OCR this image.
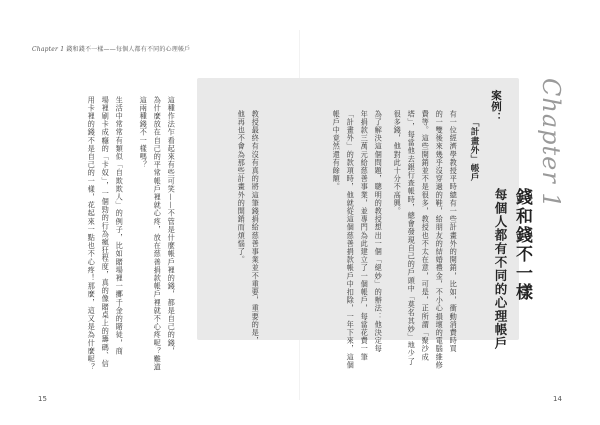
Chapter 1 錢和錢不一樣——每個人都有不同的心理帳戶
這種作法乍看起來有些可笑——不管是什麼帳戶裡的錢，都是自己的錢，
為什麼放在自己的平常帳戶裡就心疼，放在慈善捐款帳戶裡就不心疼呢？難道
這兩種錢不一樣嗎？
生活中常常有類似「自欺欺人」的例子，比如賭場裡一擲千金的賭徒，商
場裡刷卡成癮的「卡奴」，一個勁的行為瘋狂程度，真的像賭桌上的籌碼、信
用卡裡的錢不是自己的一樣，花起來一點也不心疼！那麼，這又是為什麼呢？	案例：
「計畫外」帳戶
有一位經濟學教授平時總有一些計畫外的開銷，比如，衝動消費時買
的一雙後來幾乎沒穿過的鞋，給朋友的結婚禮金，不小心損壞的電腦維修
費等。這些開銷並不是很多，教授也不太在意，可是，正所謂「聚沙成
塔」，每當他去銀行查帳時，總會發現自己的戶頭中「莫名其妙」地少了
很多錢，他對此十分不高興。
為了解決這個問題，聰明的教授想出一個「絕妙」的辦法：他決定每
年捐款三萬元給慈善事業，並專門為此建立了一個帳戶，每當花費一筆
「計畫外」的款項時，他就從這個慈善捐款帳戶中扣除，一年下來，這個
帳戶中竟然還有餘額。
教授最終有沒有真的將這筆錢捐給慈善事業並不重要，重要的是，
他再也不會為那些計畫外的開銷而煩惱了。	Chapter 1
錢和錢不一樣
每個人都有不同的心理帳戶
15	14
